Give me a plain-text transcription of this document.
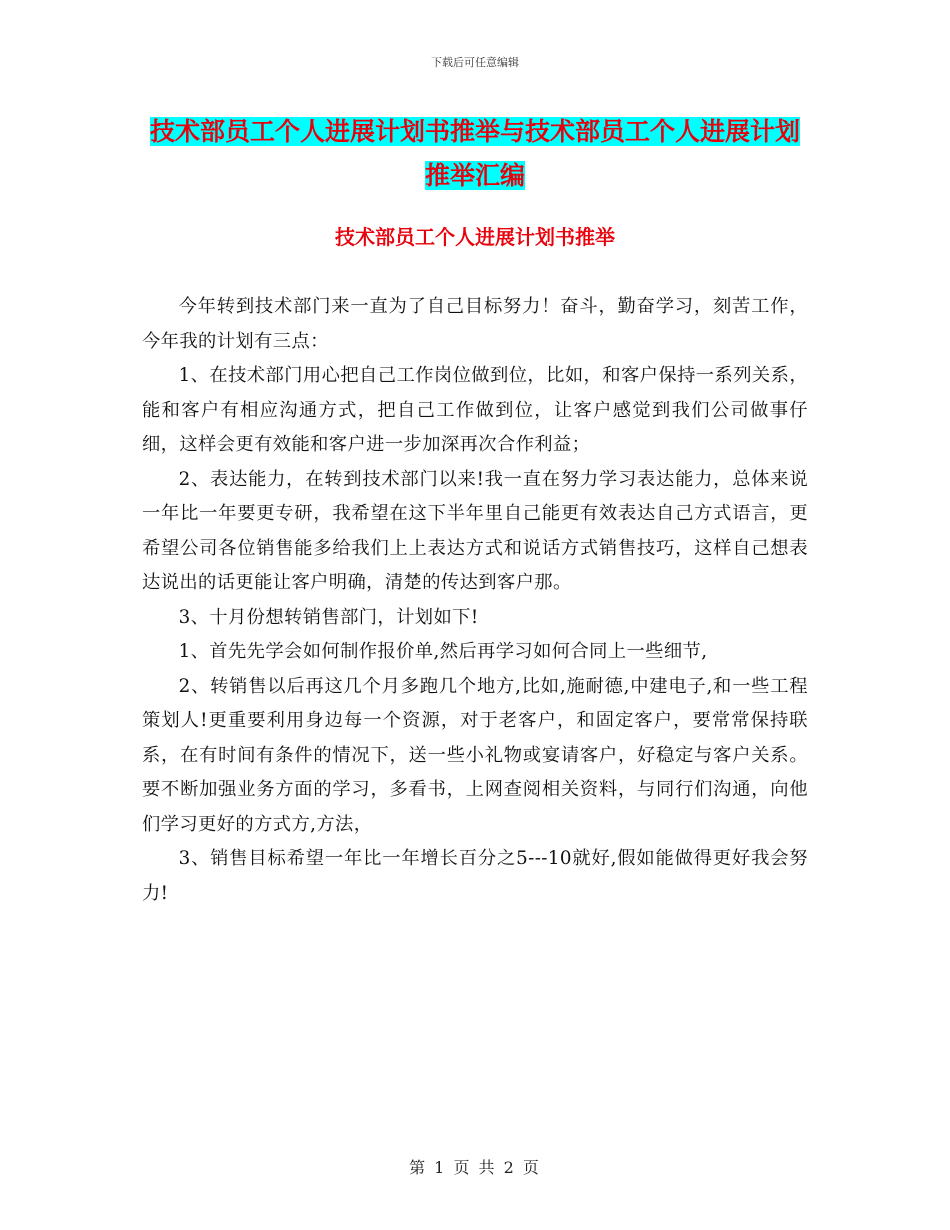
下载后可任意编辑
技术部员工个人进展计划书推举与技术部员工个人进展计划推举汇编
技术部员工个人进展计划书推举

今年转到技术部门来一直为了自己目标努力！奋斗，勤奋学习，刻苦工作，今年我的计划有三点：

1、在技术部门用心把自己工作岗位做到位，比如，和客户保持一系列关系，能和客户有相应沟通方式，把自己工作做到位，让客户感觉到我们公司做事仔细，这样会更有效能和客户进一步加深再次合作利益；

2、表达能力，在转到技术部门以来!我一直在努力学习表达能力，总体来说一年比一年要更专研，我希望在这下半年里自己能更有效表达自己方式语言，更希望公司各位销售能多给我们上上表达方式和说话方式销售技巧，这样自己想表达说出的话更能让客户明确，清楚的传达到客户那。

3、十月份想转销售部门，计划如下!

1、首先先学会如何制作报价单,然后再学习如何合同上一些细节,

2、转销售以后再这几个月多跑几个地方,比如,施耐德,中建电子,和一些工程策划人!更重要利用身边每一个资源，对于老客户，和固定客户，要常常保持联系，在有时间有条件的情况下，送一些小礼物或宴请客户，好稳定与客户关系。要不断加强业务方面的学习，多看书，上网查阅相关资料，与同行们沟通，向他们学习更好的方式方,方法，

3、销售目标希望一年比一年增长百分之5---10就好,假如能做得更好我会努力!

第 1 页 共 2 页
